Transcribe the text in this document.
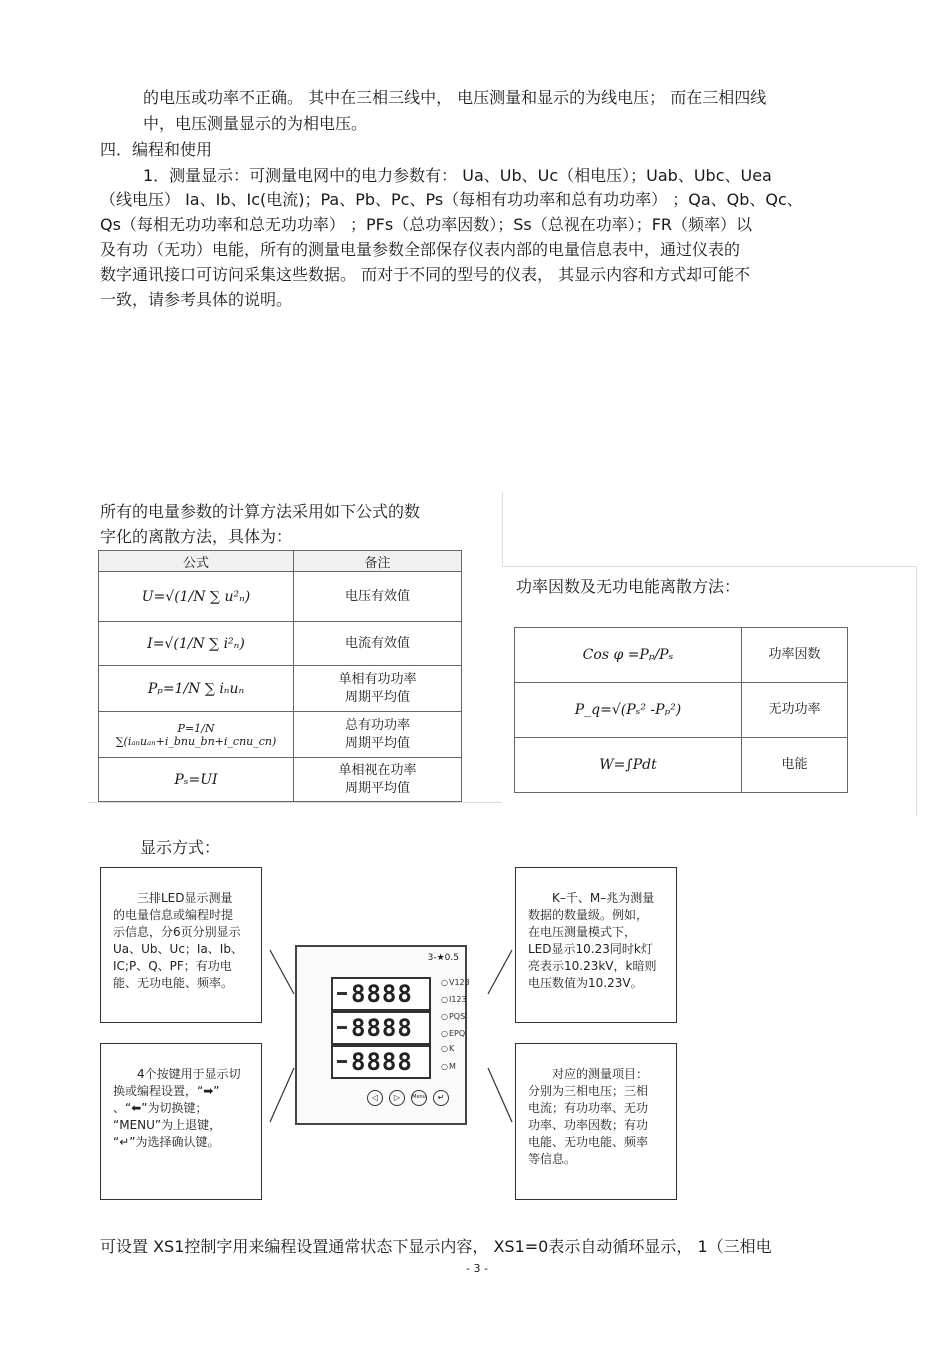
的电压或功率不正确。 其中在三相三线中， 电压测量和显示的为线电压； 而在三相四线
中，电压测量显示的为相电压。
四．编程和使用
1．测量显示：可测量电网中的电力参数有： Ua、Ub、Uc（相电压）；Uab、Ubc、Uea
（线电压） Ia、Ib、Ic(电流)；Pa、Pb、Pc、Ps（每相有功功率和总有功功率） ；Qa、Qb、Qc、
Qs（每相无功功率和总无功功率） ；PFs（总功率因数）；Ss（总视在功率）；FR（频率）以
及有功（无功）电能，所有的测量电量参数全部保存仪表内部的电量信息表中，通过仪表的
数字通讯接口可访问采集这些数据。 而对于不同的型号的仪表， 其显示内容和方式却可能不
一致，请参考具体的说明。
所有的电量参数的计算方法采用如下公式的数
字化的离散方法，具体为：
公式	备注
U=√(1/N ∑ u²ₙ)	电压有效值
I=√(1/N ∑ i²ₙ)	电流有效值
Pₚ=1/N ∑ iₙuₙ	单相有功功率
周期平均值

P=1/N ∑(iₐₙuₐₙ+i_bnu_bn+i_cnu_cn)	总有功功率
周期平均值

Pₛ=UI	单相视在功率
周期平均值
功率因数及无功电能离散方法：
Cos φ =Pₚ/Pₛ	功率因数
P_q=√(Pₛ² -Pₚ²)	无功功率
W=∫Pdt	电能
显示方式：
三排LED显示测量
的电量信息或编程时提
示信息，分6页分别显示
Ua、Ub、Uc；Ia、Ib、
IC;P、Q、PF；有功电
能、无功电能、频率。
K–千、M–兆为测量
数据的数量级。例如，
在电压测量模式下，
LED显示10.23同时k灯
亮表示10.23kV，k暗则
电压数值为10.23V。
4个按键用于显示切
换或编程设置，“➡”
、“⬅”为切换键；
“MENU”为上退键，
“↵”为选择确认键。
对应的测量项目：
分别为三相电压；三相
电流；有功功率、无功
功率、功率因数；有功
电能、无功电能、频率
等信息。
3-★0.5
8888
8888
8888
○ V123
○ I123
○ PQS
○ EPQ
○ K
○ M
◁	▷	Menu	↵
可设置 XS1控制字用来编程设置通常状态下显示内容， XS1=0表示自动循环显示， 1（三相电
- 3 -
